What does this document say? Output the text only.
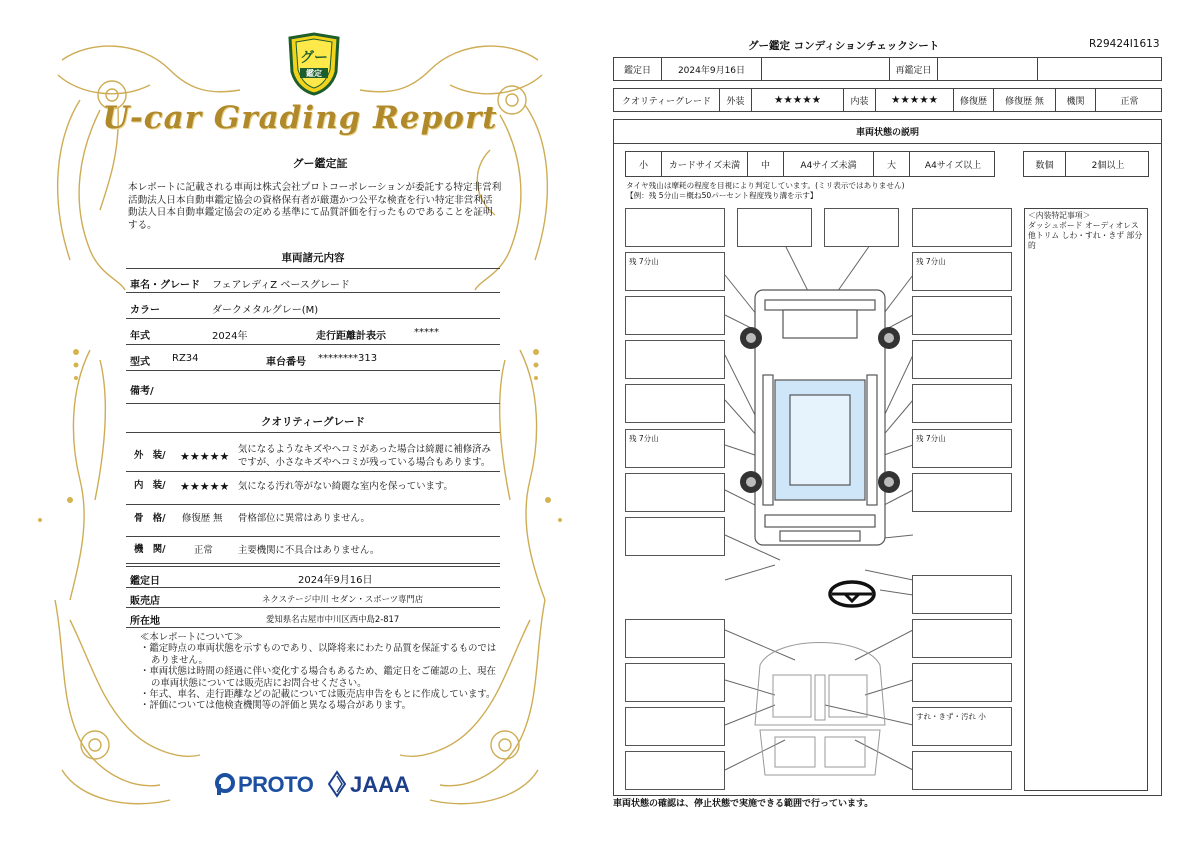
グー
鑑定
U-car Grading Report
グー鑑定証
本レポートに記載される車両は株式会社プロトコーポレーションが委託する特定非営利活動法人日本自動車鑑定協会の資格保有者が厳選かつ公平な検査を行い特定非営利活動法人日本自動車鑑定協会の定める基準にて品質評価を行ったものであることを証明する。
車両諸元内容
車名・グレード フェアレディZ ベースグレード
カラー	ダークメタルグレー(M)
年式	2024年	走行距離計表示	*****
型式 RZ34	車台番号 ********313
備考/
クオリティーグレード
外　装/ ★★★★★
気になるようなキズやヘコミがあった場合は綺麗に補修済み
ですが、小さなキズやヘコミが残っている場合もあります。
内　装/ ★★★★★ 気になる汚れ等がない綺麗な室内を保っています。
骨　格/ 修復歴 無 骨格部位に異常はありません。
機　関/	正常	主要機関に不具合はありません。
鑑定日	2024年9月16日
販売店	ネクステージ中川 セダン・スポーツ専門店
所在地	愛知県名古屋市中川区西中島2-817
≪本レポートについて≫
・鑑定時点の車両状態を示すものであり、以降将来にわたり品質を保証するものではありません。
・車両状態は時間の経過に伴い変化する場合もあるため、鑑定日をご確認の上、現在の車両状態については販売店にお問合せください。
・年式、車名、走行距離などの記載については販売店申告をもとに作成しています。
・評価については他検査機関等の評価と異なる場合があります。
PROTO JAAA
グー鑑定 コンディションチェックシート	R29424I1613
鑑定日	2024年9月16日	再鑑定日
クオリティーグレード	外装	★★★★★	内装	★★★★★	修復歴	修復歴 無	機関	正常
車両状態の説明
小	カードサイズ未満	中	A4サイズ未満	大	A4サイズ以上	数個	2個以上
タイヤ残山は摩耗の程度を目視により判定しています。(ミリ表示ではありません)
【例：残 5分山＝概ね50パーセント程度残り溝を示す】
残 7分山
残 7分山
残 7分山
残 7分山
すれ・きず・汚れ 小
＜内装特記事項＞
ダッシュボード オーディオレス
他トリム しわ・すれ・きず 部分的
車両状態の確認は、停止状態で実施できる範囲で行っています。
